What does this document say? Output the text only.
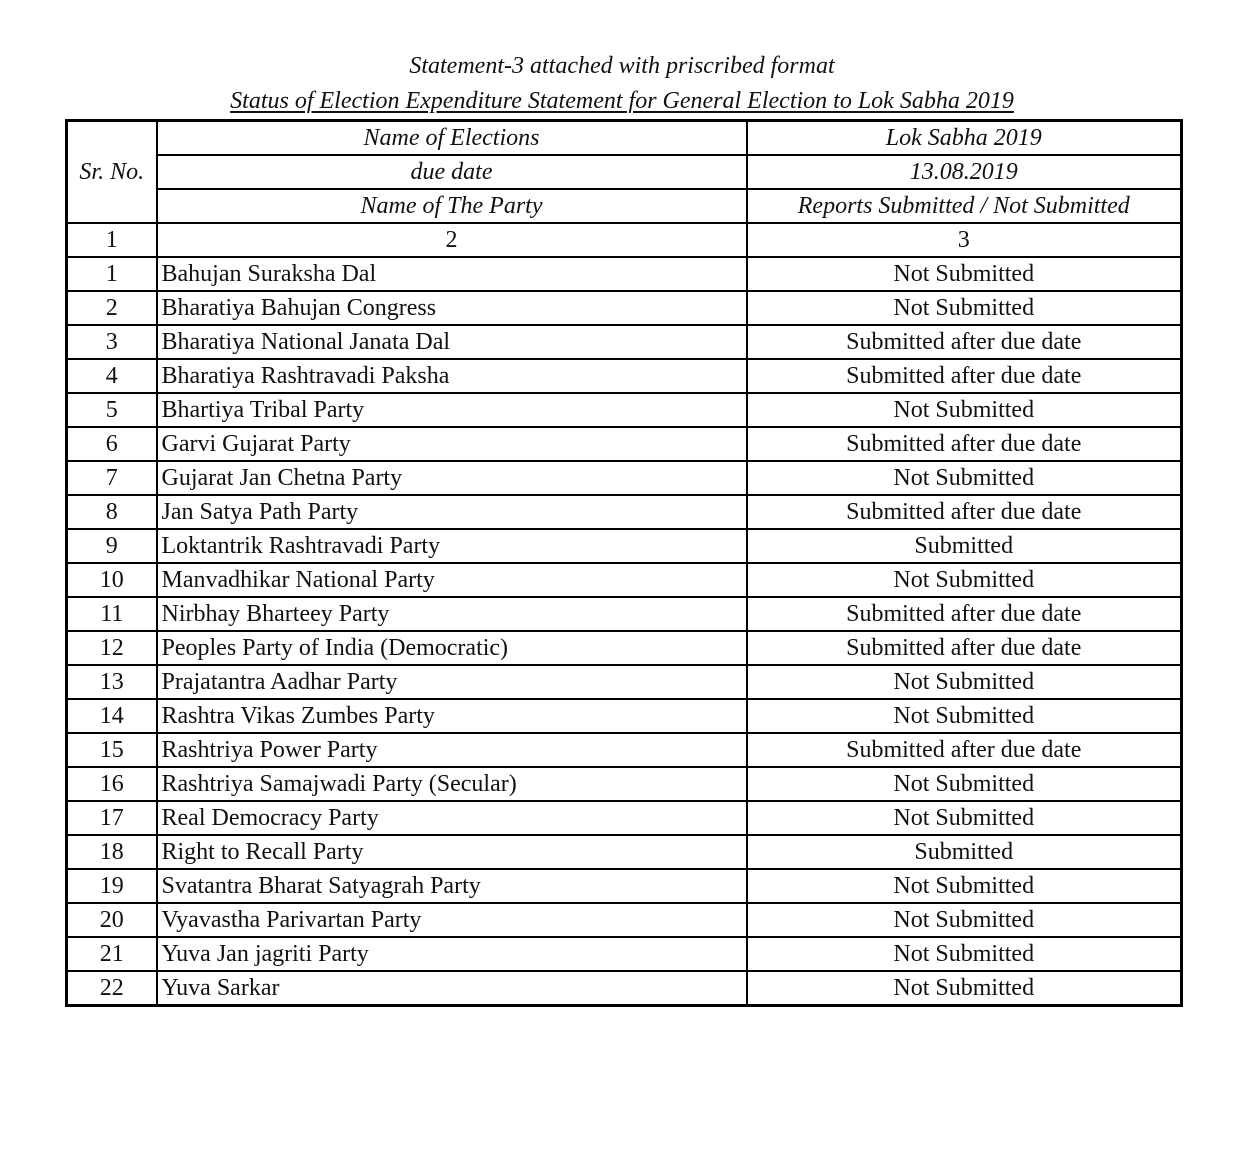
Statement-3 attached with priscribed format
Status of Election Expenditure Statement for General Election to Lok Sabha 2019
Sr. No.	Name of Elections	Lok Sabha 2019
	due date	13.08.2019
	Name of The Party	Reports Submitted / Not Submitted
1	2	3
1	Bahujan Suraksha Dal	Not Submitted
2	Bharatiya Bahujan Congress	Not Submitted
3	Bharatiya National Janata Dal	Submitted after due date
4	Bharatiya Rashtravadi Paksha	Submitted after due date
5	Bhartiya Tribal Party	Not Submitted
6	Garvi Gujarat Party	Submitted after due date
7	Gujarat Jan Chetna Party	Not Submitted
8	Jan Satya Path Party	Submitted after due date
9	Loktantrik Rashtravadi Party	Submitted
10	Manvadhikar National Party	Not Submitted
11	Nirbhay Bharteey Party	Submitted after due date
12	Peoples Party of India (Democratic)	Submitted after due date
13	Prajatantra Aadhar Party	Not Submitted
14	Rashtra Vikas Zumbes Party	Not Submitted
15	Rashtriya Power Party	Submitted after due date
16	Rashtriya Samajwadi Party (Secular)	Not Submitted
17	Real Democracy Party	Not Submitted
18	Right to Recall Party	Submitted
19	Svatantra Bharat Satyagrah Party	Not Submitted
20	Vyavastha Parivartan Party	Not Submitted
21	Yuva Jan jagriti Party	Not Submitted
22	Yuva Sarkar	Not Submitted
